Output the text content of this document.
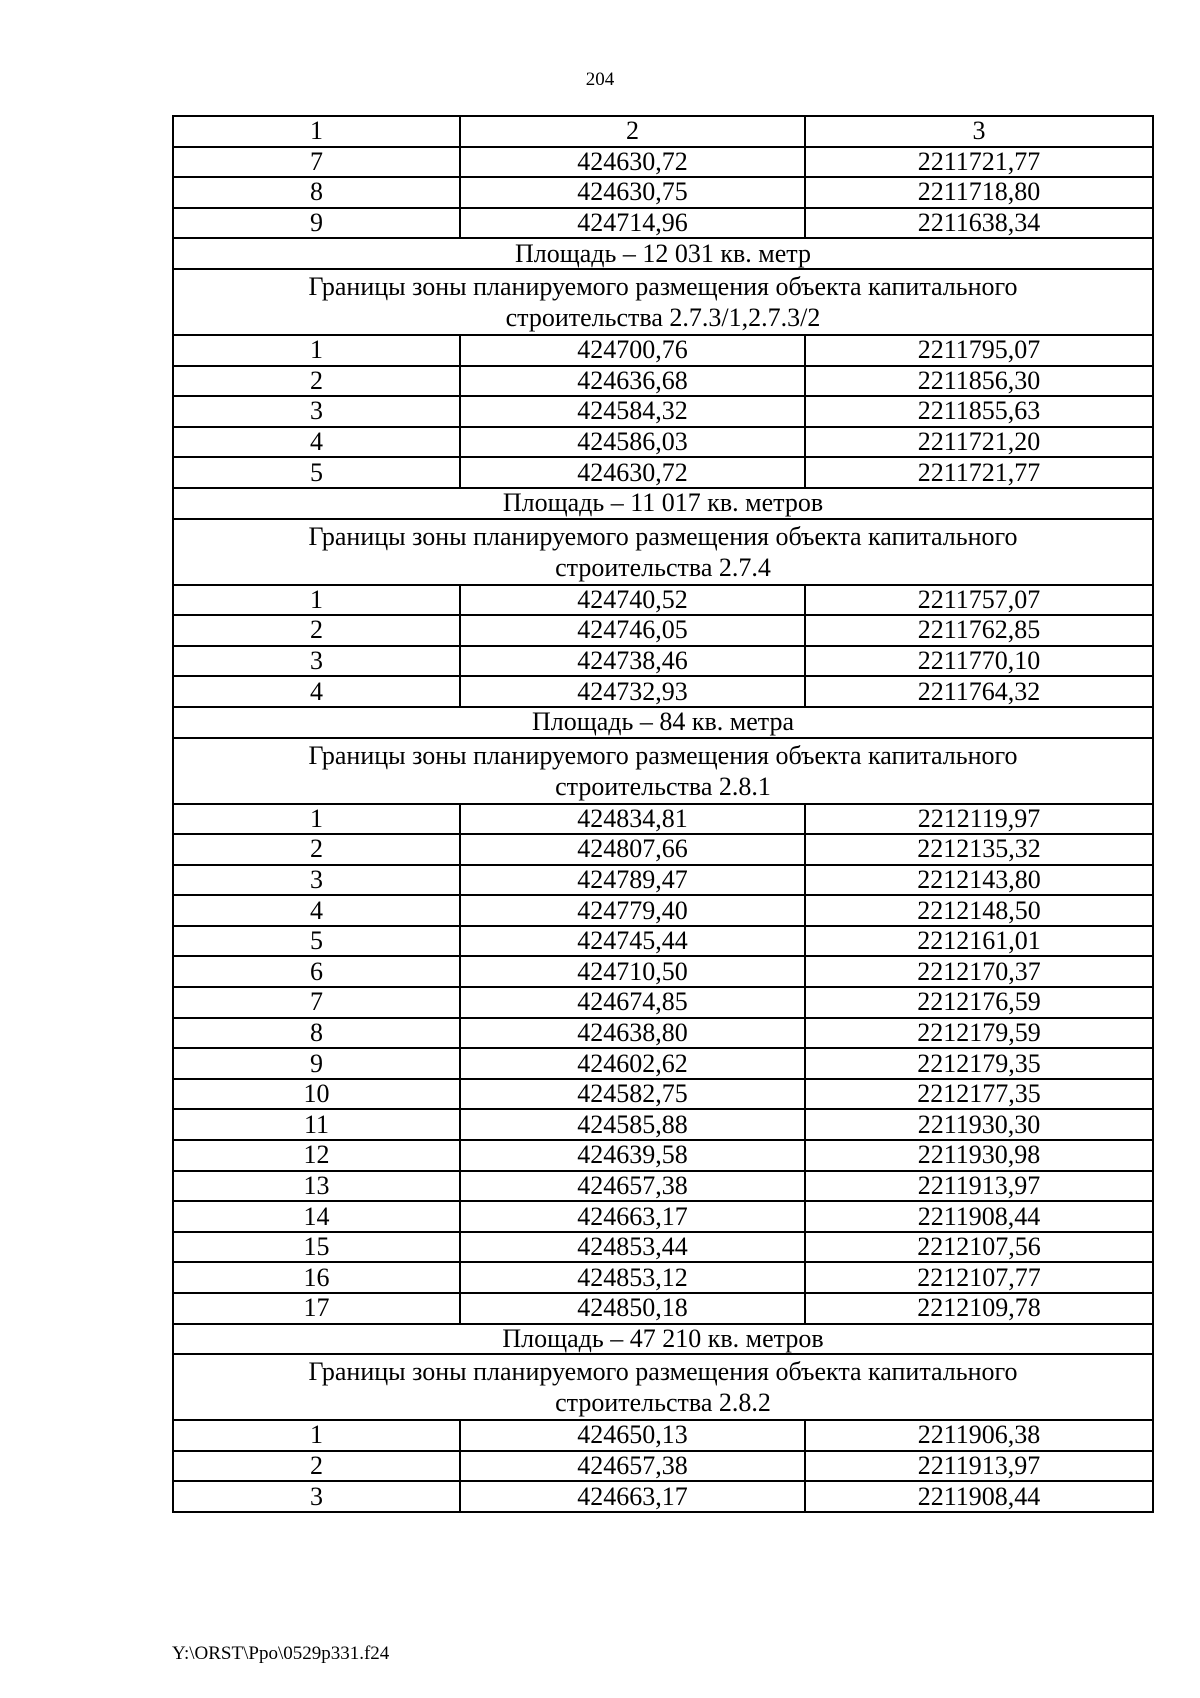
204
1	2	3
7	424630,72	2211721,77
8	424630,75	2211718,80
9	424714,96	2211638,34
Площадь – 12 031 кв. метр		
Границы зоны планируемого размещения объекта капитального строительства 2.7.3/1,2.7.3/2		
1	424700,76	2211795,07
2	424636,68	2211856,30
3	424584,32	2211855,63
4	424586,03	2211721,20
5	424630,72	2211721,77
Площадь – 11 017 кв. метров		
Границы зоны планируемого размещения объекта капитального строительства 2.7.4		
1	424740,52	2211757,07
2	424746,05	2211762,85
3	424738,46	2211770,10
4	424732,93	2211764,32
Площадь – 84 кв. метра		
Границы зоны планируемого размещения объекта капитального строительства 2.8.1		
1	424834,81	2212119,97
2	424807,66	2212135,32
3	424789,47	2212143,80
4	424779,40	2212148,50
5	424745,44	2212161,01
6	424710,50	2212170,37
7	424674,85	2212176,59
8	424638,80	2212179,59
9	424602,62	2212179,35
10	424582,75	2212177,35
11	424585,88	2211930,30
12	424639,58	2211930,98
13	424657,38	2211913,97
14	424663,17	2211908,44
15	424853,44	2212107,56
16	424853,12	2212107,77
17	424850,18	2212109,78
Площадь – 47 210 кв. метров		
Границы зоны планируемого размещения объекта капитального строительства 2.8.2		
1	424650,13	2211906,38
2	424657,38	2211913,97
3	424663,17	2211908,44
Y:\ORST\Ppo\0529p331.f24
